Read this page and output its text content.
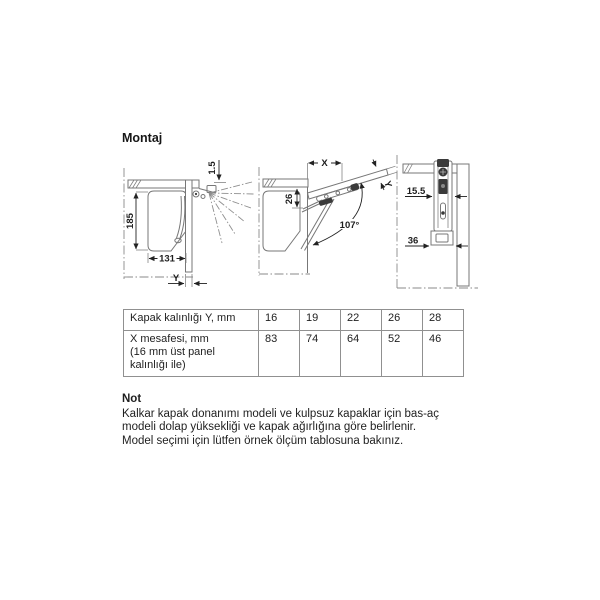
Montaj
185
131
Y
1.5	X
26
Y
107°
15.5
36
Kapak kalınlığı Y, mm	16	19	22	26	28

X mesafesi, mm
(16 mm üst panel
kalınlığı ile)	83	74	64	52	46
Not
Kalkar kapak donanımı modeli ve kulpsuz kapaklar için bas-aç
modeli dolap yüksekliği ve kapak ağırlığına göre belirlenir.
Model seçimi için lütfen örnek ölçüm tablosuna bakınız.
